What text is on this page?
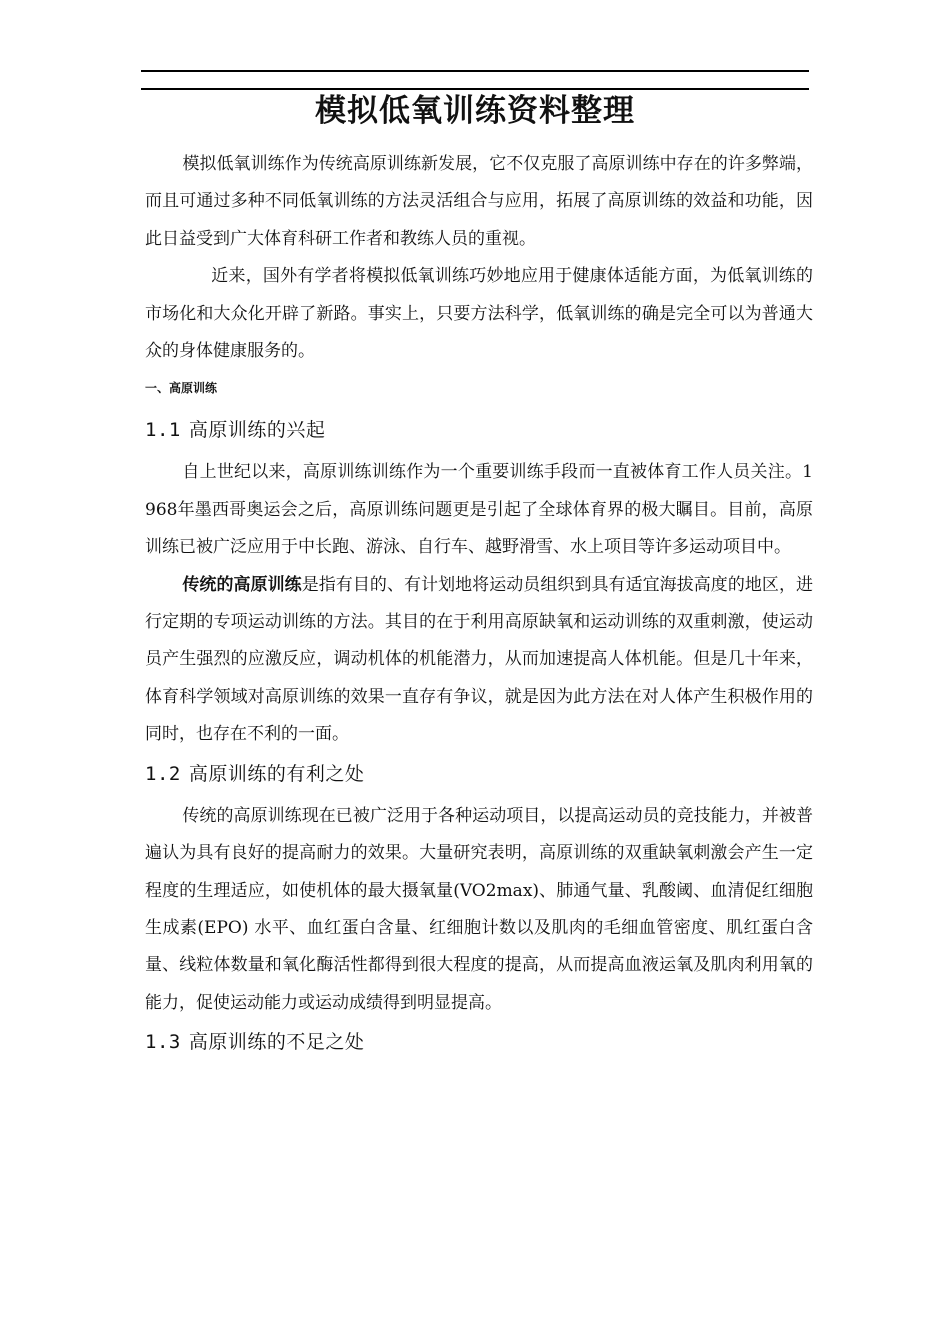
模拟低氧训练资料整理

模拟低氧训练作为传统高原训练新发展，它不仅克服了高原训练中存在的许多弊端，而且可通过多种不同低氧训练的方法灵活组合与应用，拓展了高原训练的效益和功能，因此日益受到广大体育科研工作者和教练人员的重视。

近来，国外有学者将模拟低氧训练巧妙地应用于健康体适能方面，为低氧训练的市场化和大众化开辟了新路。事实上，只要方法科学，低氧训练的确是完全可以为普通大众的身体健康服务的。

一、高原训练
1.1 高原训练的兴起

自上世纪以来，高原训练训练作为一个重要训练手段而一直被体育工作人员关注。1968年墨西哥奥运会之后，高原训练问题更是引起了全球体育界的极大瞩目。目前，高原训练已被广泛应用于中长跑、游泳、自行车、越野滑雪、水上项目等许多运动项目中。

传统的高原训练是指有目的、有计划地将运动员组织到具有适宜海拔高度的地区，进行定期的专项运动训练的方法。其目的在于利用高原缺氧和运动训练的双重刺激，使运动员产生强烈的应激反应，调动机体的机能潜力，从而加速提高人体机能。但是几十年来，体育科学领域对高原训练的效果一直存有争议，就是因为此方法在对人体产生积极作用的同时，也存在不利的一面。

1.2 高原训练的有利之处

传统的高原训练现在已被广泛用于各种运动项目，以提高运动员的竞技能力，并被普遍认为具有良好的提高耐力的效果。大量研究表明，高原训练的双重缺氧刺激会产生一定程度的生理适应，如使机体的最大摄氧量(VO2max)、肺通气量、乳酸阈、血清促红细胞生成素(EPO) 水平、血红蛋白含量、红细胞计数以及肌肉的毛细血管密度、肌红蛋白含量、线粒体数量和氧化酶活性都得到很大程度的提高，从而提高血液运氧及肌肉利用氧的能力，促使运动能力或运动成绩得到明显提高。

1.3 高原训练的不足之处
